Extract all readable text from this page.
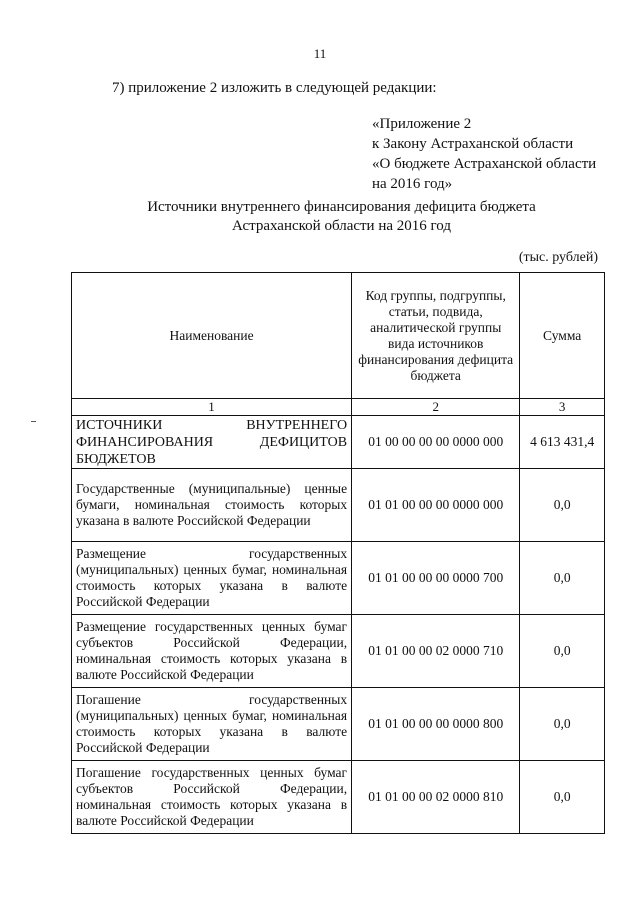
11
7) приложение 2 изложить в следующей редакции:
«Приложение 2
к Закону Астраханской области
«О бюджете Астраханской области
на 2016 год»
Источники внутреннего финансирования дефицита бюджета
Астраханской области на 2016 год
(тыс. рублей)
Наименование	Код группы, подгруппы, статьи, подвида, аналитической группы вида источников финансирования дефицита бюджета	Сумма
1	2	3
ИСТОЧНИКИ ВНУТРЕННЕГО ФИНАНСИРОВАНИЯ ДЕФИЦИТОВ БЮДЖЕТОВ	01 00 00 00 00 0000 000	4 613 431,4
Государственные (муниципальные) ценные бумаги, номинальная стоимость которых указана в валюте Российской Федерации	01 01 00 00 00 0000 000	0,0
Размещение государственных (муниципальных) ценных бумаг, номинальная стоимость которых указана в валюте Российской Федерации	01 01 00 00 00 0000 700	0,0
Размещение государственных ценных бумаг субъектов Российской Федерации, номинальная стоимость которых указана в валюте Российской Федерации	01 01 00 00 02 0000 710	0,0
Погашение государственных (муниципальных) ценных бумаг, номинальная стоимость которых указана в валюте Российской Федерации	01 01 00 00 00 0000 800	0,0
Погашение государственных ценных бумаг субъектов Российской Федерации, номинальная стоимость которых указана в валюте Российской Федерации	01 01 00 00 02 0000 810	0,0
